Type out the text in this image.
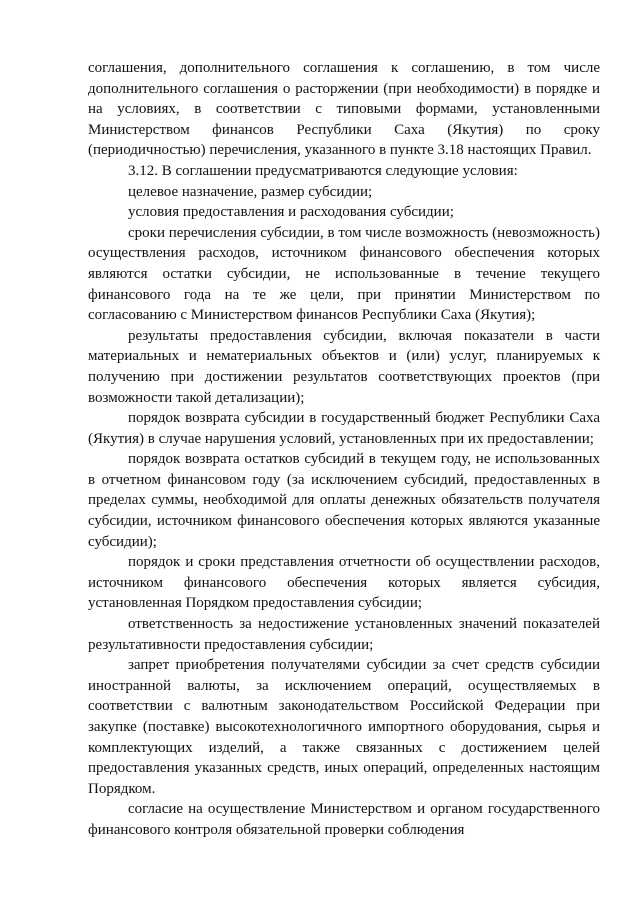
соглашения, дополнительного соглашения к соглашению, в том числе дополнительного соглашения о расторжении (при необходимости) в порядке и на условиях, в соответствии с типовыми формами, установленными Министерством финансов Республики Саха (Якутия) по сроку (периодичностью) перечисления, указанного в пункте 3.18 настоящих Правил.

3.12. В соглашении предусматриваются следующие условия:

целевое назначение, размер субсидии;

условия предоставления и расходования субсидии;

сроки перечисления субсидии, в том числе возможность (невозможность) осуществления расходов, источником финансового обеспечения которых являются остатки субсидии, не использованные в течение текущего финансового года на те же цели, при принятии Министерством по согласованию с Министерством финансов Республики Саха (Якутия);

результаты предоставления субсидии, включая показатели в части материальных и нематериальных объектов и (или) услуг, планируемых к получению при достижении результатов соответствующих проектов (при возможности такой детализации);

порядок возврата субсидии в государственный бюджет Республики Саха (Якутия) в случае нарушения условий, установленных при их предоставлении;

порядок возврата остатков субсидий в текущем году, не использованных в отчетном финансовом году (за исключением субсидий, предоставленных в пределах суммы, необходимой для оплаты денежных обязательств получателя субсидии, источником финансового обеспечения которых являются указанные субсидии);

порядок и сроки представления отчетности об осуществлении расходов, источником финансового обеспечения которых является субсидия, установленная Порядком предоставления субсидии;

ответственность за недостижение установленных значений показателей результативности предоставления субсидии;

запрет приобретения получателями субсидии за счет средств субсидии иностранной валюты, за исключением операций, осуществляемых в соответствии с валютным законодательством Российской Федерации при закупке (поставке) высокотехнологичного импортного оборудования, сырья и комплектующих изделий, а также связанных с достижением целей предоставления указанных средств, иных операций, определенных настоящим Порядком.

согласие на осуществление Министерством и органом государственного финансового контроля обязательной проверки соблюдения
